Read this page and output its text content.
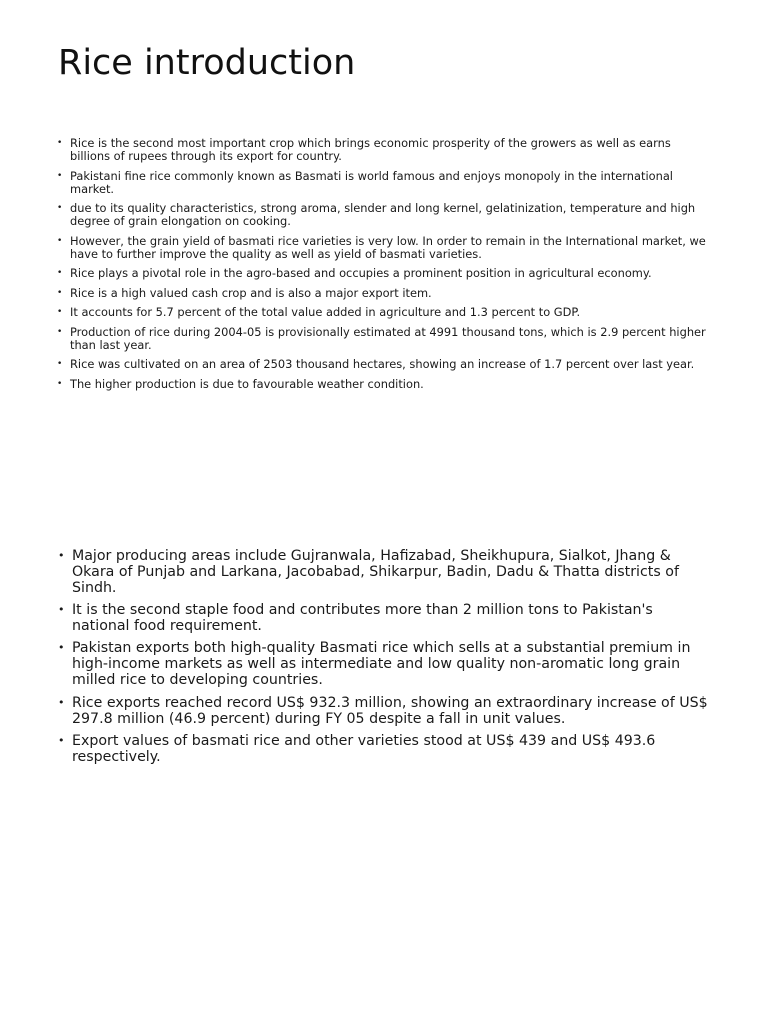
Rice introduction
• Rice is the second most important crop which brings economic prosperity of the growers as well as earns billions of rupees through its export for country.
• Pakistani fine rice commonly known as Basmati is world famous and enjoys monopoly in the international market.
• due to its quality characteristics, strong aroma, slender and long kernel, gelatinization, temperature and high degree of grain elongation on cooking.
• However, the grain yield of basmati rice varieties is very low. In order to remain in the International market, we have to further improve the quality as well as yield of basmati varieties.
• Rice plays a pivotal role in the agro-based and occupies a prominent position in agricultural economy.
• Rice is a high valued cash crop and is also a major export item.
• It accounts for 5.7 percent of the total value added in agriculture and 1.3 percent to GDP.
• Production of rice during 2004-05 is provisionally estimated at 4991 thousand tons, which is 2.9 percent higher than last year.
• Rice was cultivated on an area of 2503 thousand hectares, showing an increase of 1.7 percent over last year.
• The higher production is due to favourable weather condition.
• Major producing areas include Gujranwala, Hafizabad, Sheikhupura, Sialkot, Jhang & Okara of Punjab and Larkana, Jacobabad, Shikarpur, Badin, Dadu & Thatta districts of Sindh.
• It is the second staple food and contributes more than 2 million tons to Pakistan's national food requirement.
• Pakistan exports both high-quality Basmati rice which sells at a substantial premium in high-income markets as well as intermediate and low quality non-aromatic long grain milled rice to developing countries.
• Rice exports reached record US$ 932.3 million, showing an extraordinary increase of US$ 297.8 million (46.9 percent) during FY 05 despite a fall in unit values.
• Export values of basmati rice and other varieties stood at US$ 439 and US$ 493.6 respectively.
